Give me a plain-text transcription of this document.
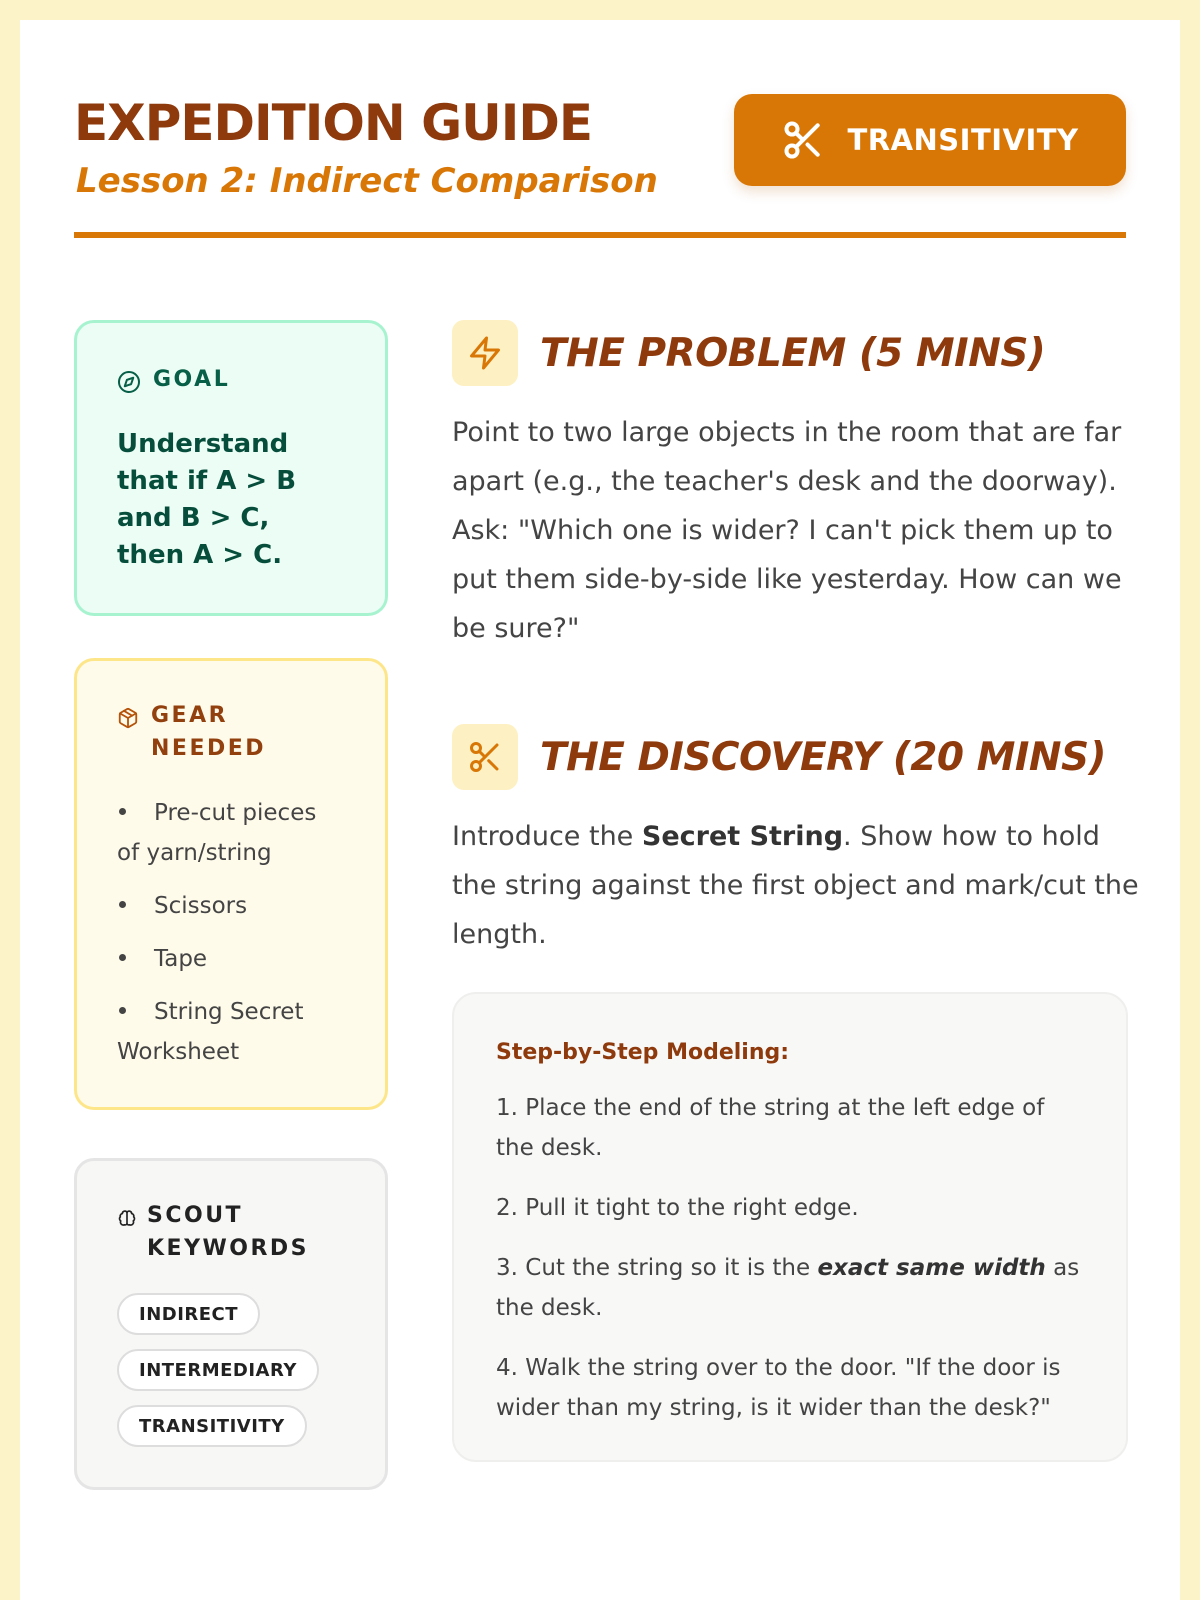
EXPEDITION GUIDE
Lesson 2: Indirect Comparison
TRANSITIVITY
GOAL
Understand that if A > B and B > C, then A > C.
GEAR NEEDED
Pre-cut pieces of yarn/string
Scissors
Tape
String Secret Worksheet
SCOUT KEYWORDS
INDIRECT
INTERMEDIARY
TRANSITIVITY
THE PROBLEM (5 MINS)

Point to two large objects in the room that are far apart (e.g., the teacher's desk and the doorway). Ask: "Which one is wider? I can't pick them up to put them side-by-side like yesterday. How can we be sure?"

THE DISCOVERY (20 MINS)

Introduce the Secret String. Show how to hold the string against the first object and mark/cut the length.

Step-by-Step Modeling:
1. Place the end of the string at the left edge of the desk.
2. Pull it tight to the right edge.
3. Cut the string so it is the exact same width as the desk.
4. Walk the string over to the door. "If the door is wider than my string, is it wider than the desk?"
